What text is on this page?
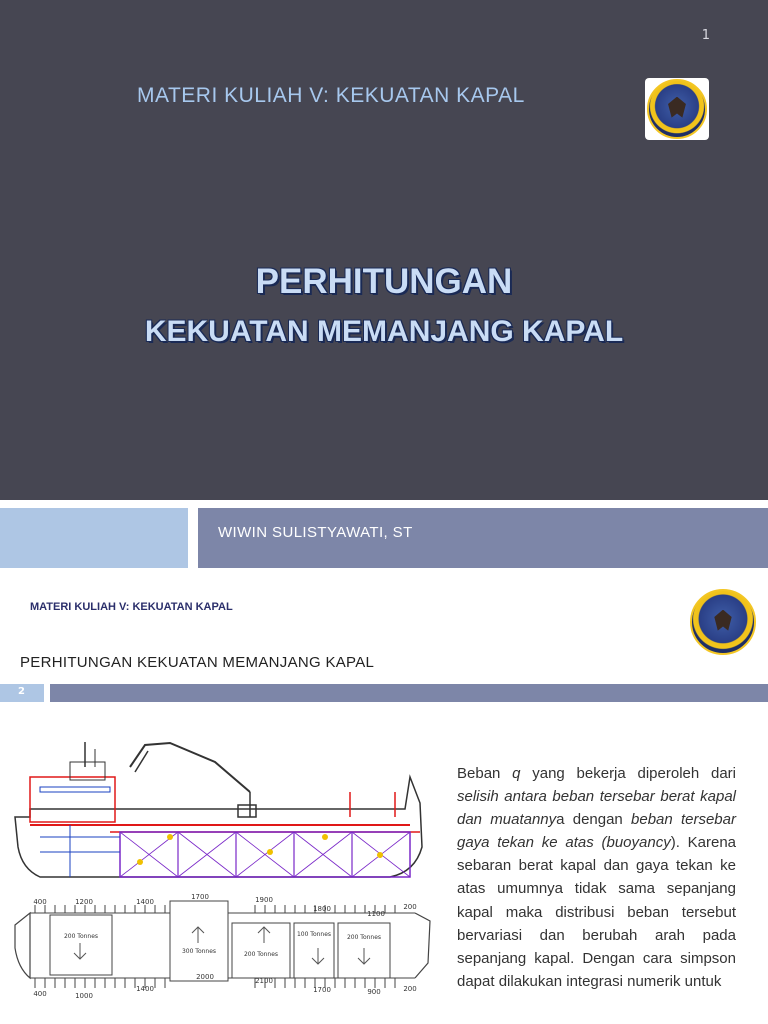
1
MATERI KULIAH V: KEKUATAN KAPAL
PERHITUNGAN
KEKUATAN MEMANJANG KAPAL
WIWIN SULISTYAWATI, ST
MATERI KULIAH V: KEKUATAN KAPAL
PERHITUNGAN KEKUATAN MEMANJANG KAPAL
2
400	1200	1400
1700	1900
1800
1100
200
400	1000
1400
2000	2100
1700	900	200
200 Tonnes
300 Tonnes	200 Tonnes
100 Tonnes	200 Tonnes
Beban q yang bekerja diperoleh dari selisih antara beban tersebar berat kapal dan muatannya dengan beban tersebar gaya tekan ke atas (buoyancy). Karena sebaran berat kapal dan gaya tekan ke atas umumnya tidak sama sepanjang kapal maka distribusi beban tersebut bervariasi dan berubah arah pada sepanjang kapal. Dengan cara simpson dapat dilakukan integrasi numerik untuk
